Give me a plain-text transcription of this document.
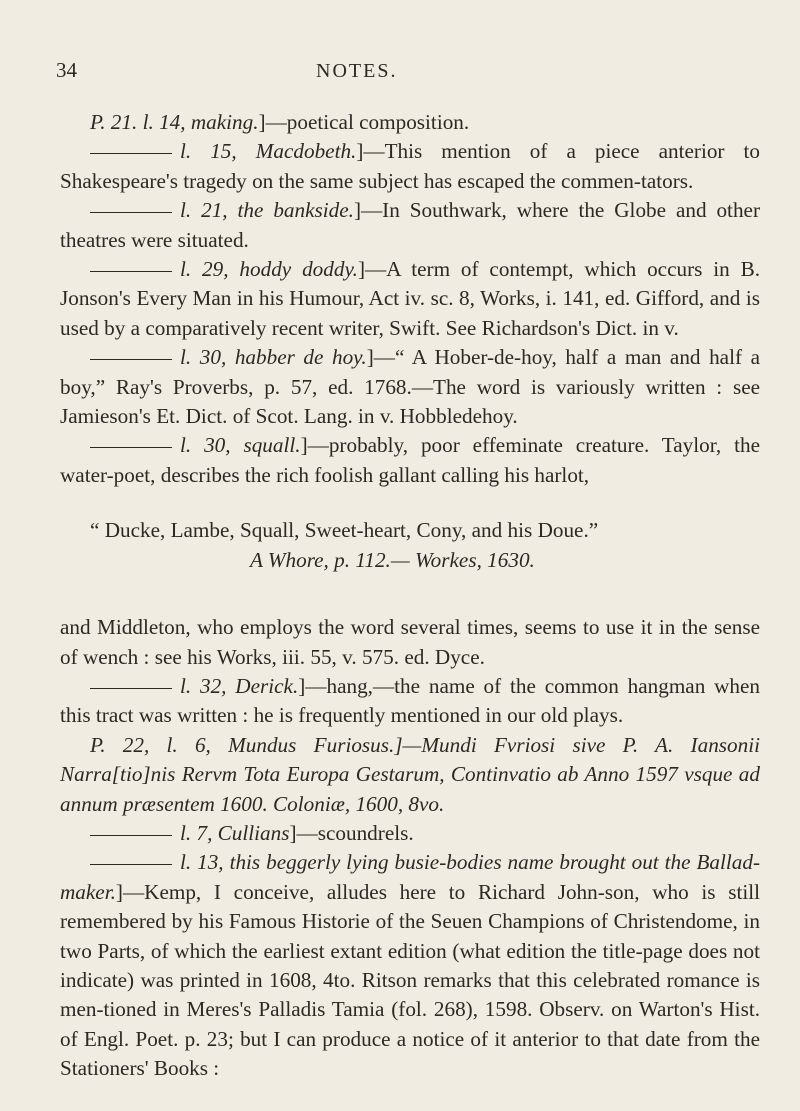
34	NOTES.

P. 21. l. 14, making.]—poetical composition.

l. 15, Macdobeth.]—This mention of a piece anterior to Shakespeare's tragedy on the same subject has escaped the commen-tators.

l. 21, the bankside.]—In Southwark, where the Globe and other theatres were situated.

l. 29, hoddy doddy.]—A term of contempt, which occurs in B. Jonson's Every Man in his Humour, Act iv. sc. 8, Works, i. 141, ed. Gifford, and is used by a comparatively recent writer, Swift. See Richardson's Dict. in v.

l. 30, habber de hoy.]—“ A Hober-de-hoy, half a man and half a boy,” Ray's Proverbs, p. 57, ed. 1768.—The word is variously written : see Jamieson's Et. Dict. of Scot. Lang. in v. Hobbledehoy.

l. 30, squall.]—probably, poor effeminate creature. Taylor, the water-poet, describes the rich foolish gallant calling his harlot,

“ Ducke, Lambe, Squall, Sweet-heart, Cony, and his Doue.”
A Whore, p. 112.— Workes, 1630.

and Middleton, who employs the word several times, seems to use it in the sense of wench : see his Works, iii. 55, v. 575. ed. Dyce.

l. 32, Derick.]—hang,—the name of the common hangman when this tract was written : he is frequently mentioned in our old plays.

P. 22, l. 6, Mundus Furiosus.]—Mundi Fvriosi sive P. A. Iansonii Narra[tio]nis Rervm Tota Europa Gestarum, Continvatio ab Anno 1597 vsque ad annum præsentem 1600. Coloniæ, 1600, 8vo.

l. 7, Cullians]—scoundrels.

l. 13, this beggerly lying busie-bodies name brought out the Ballad-maker.]—Kemp, I conceive, alludes here to Richard John-son, who is still remembered by his Famous Historie of the Seuen Champions of Christendome, in two Parts, of which the earliest extant edition (what edition the title-page does not indicate) was printed in 1608, 4to. Ritson remarks that this celebrated romance is men-tioned in Meres's Palladis Tamia (fol. 268), 1598. Observ. on Warton's Hist. of Engl. Poet. p. 23; but I can produce a notice of it anterior to that date from the Stationers' Books :
